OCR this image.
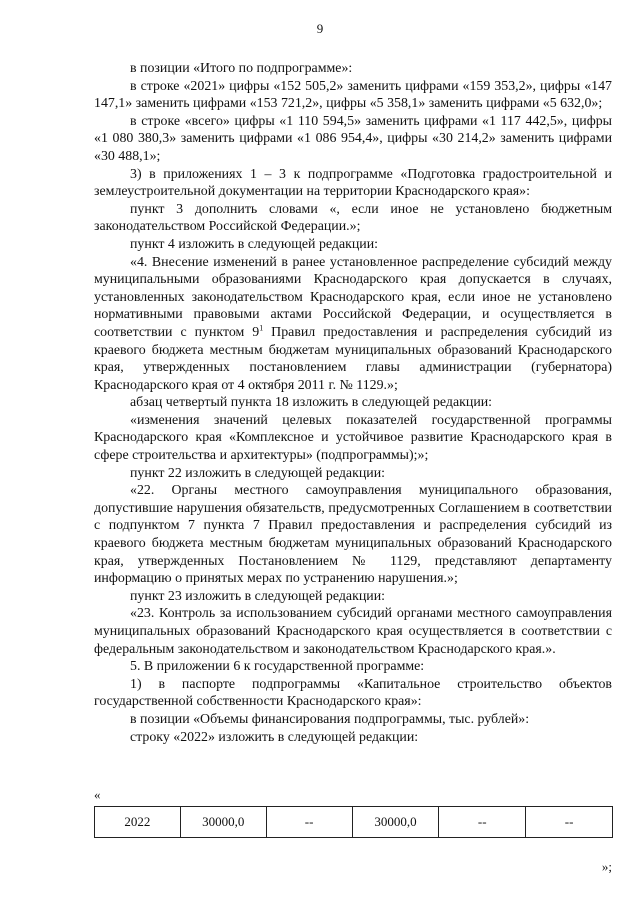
9

в позиции «Итого по подпрограмме»:

в строке «2021» цифры «152 505,2» заменить цифрами «159 353,2», цифры «147 147,1» заменить цифрами «153 721,2», цифры «5 358,1» заменить цифрами «5 632,0»;

в строке «всего» цифры «1 110 594,5» заменить цифрами «1 117 442,5», цифры «1 080 380,3» заменить цифрами «1 086 954,4», цифры «30 214,2» заменить цифрами «30 488,1»;

3) в приложениях 1 – 3 к подпрограмме «Подготовка градостроительной и землеустроительной документации на территории Краснодарского края»:

пункт 3 дополнить словами «, если иное не установлено бюджетным законодательством Российской Федерации.»;

пункт 4 изложить в следующей редакции:

«4. Внесение изменений в ранее установленное распределение субсидий между муниципальными образованиями Краснодарского края допускается в случаях, установленных законодательством Краснодарского края, если иное не установлено нормативными правовыми актами Российской Федерации, и осуществляется в соответствии с пунктом $9^1$ Правил предоставления и распределения субсидий из краевого бюджета местным бюджетам муниципальных образований Краснодарского края, утвержденных постановлением главы администрации (губернатора) Краснодарского края от 4 октября 2011 г. № 1129.»;

абзац четвертый пункта 18 изложить в следующей редакции:

«изменения значений целевых показателей государственной программы Краснодарского края «Комплексное и устойчивое развитие Краснодарского края в сфере строительства и архитектуры» (подпрограммы);»;

пункт 22 изложить в следующей редакции:

«22. Органы местного самоуправления муниципального образования, допустившие нарушения обязательств, предусмотренных Соглашением в соответствии с подпунктом 7 пункта 7 Правил предоставления и распределения субсидий из краевого бюджета местным бюджетам муниципальных образований Краснодарского края, утвержденных Постановлением № 1129, представляют департаменту информацию о принятых мерах по устранению нарушения.»;

пункт 23 изложить в следующей редакции:

«23. Контроль за использованием субсидий органами местного самоуправления муниципальных образований Краснодарского края осуществляется в соответствии с федеральным законодательством и законодательством Краснодарского края.».

5. В приложении 6 к государственной программе:

1) в паспорте подпрограммы «Капитальное строительство объектов государственной собственности Краснодарского края»:

в позиции «Объемы финансирования подпрограммы, тыс. рублей»:

строку «2022» изложить в следующей редакции:

«
2022	30000,0	--	30000,0	--	--
»;
